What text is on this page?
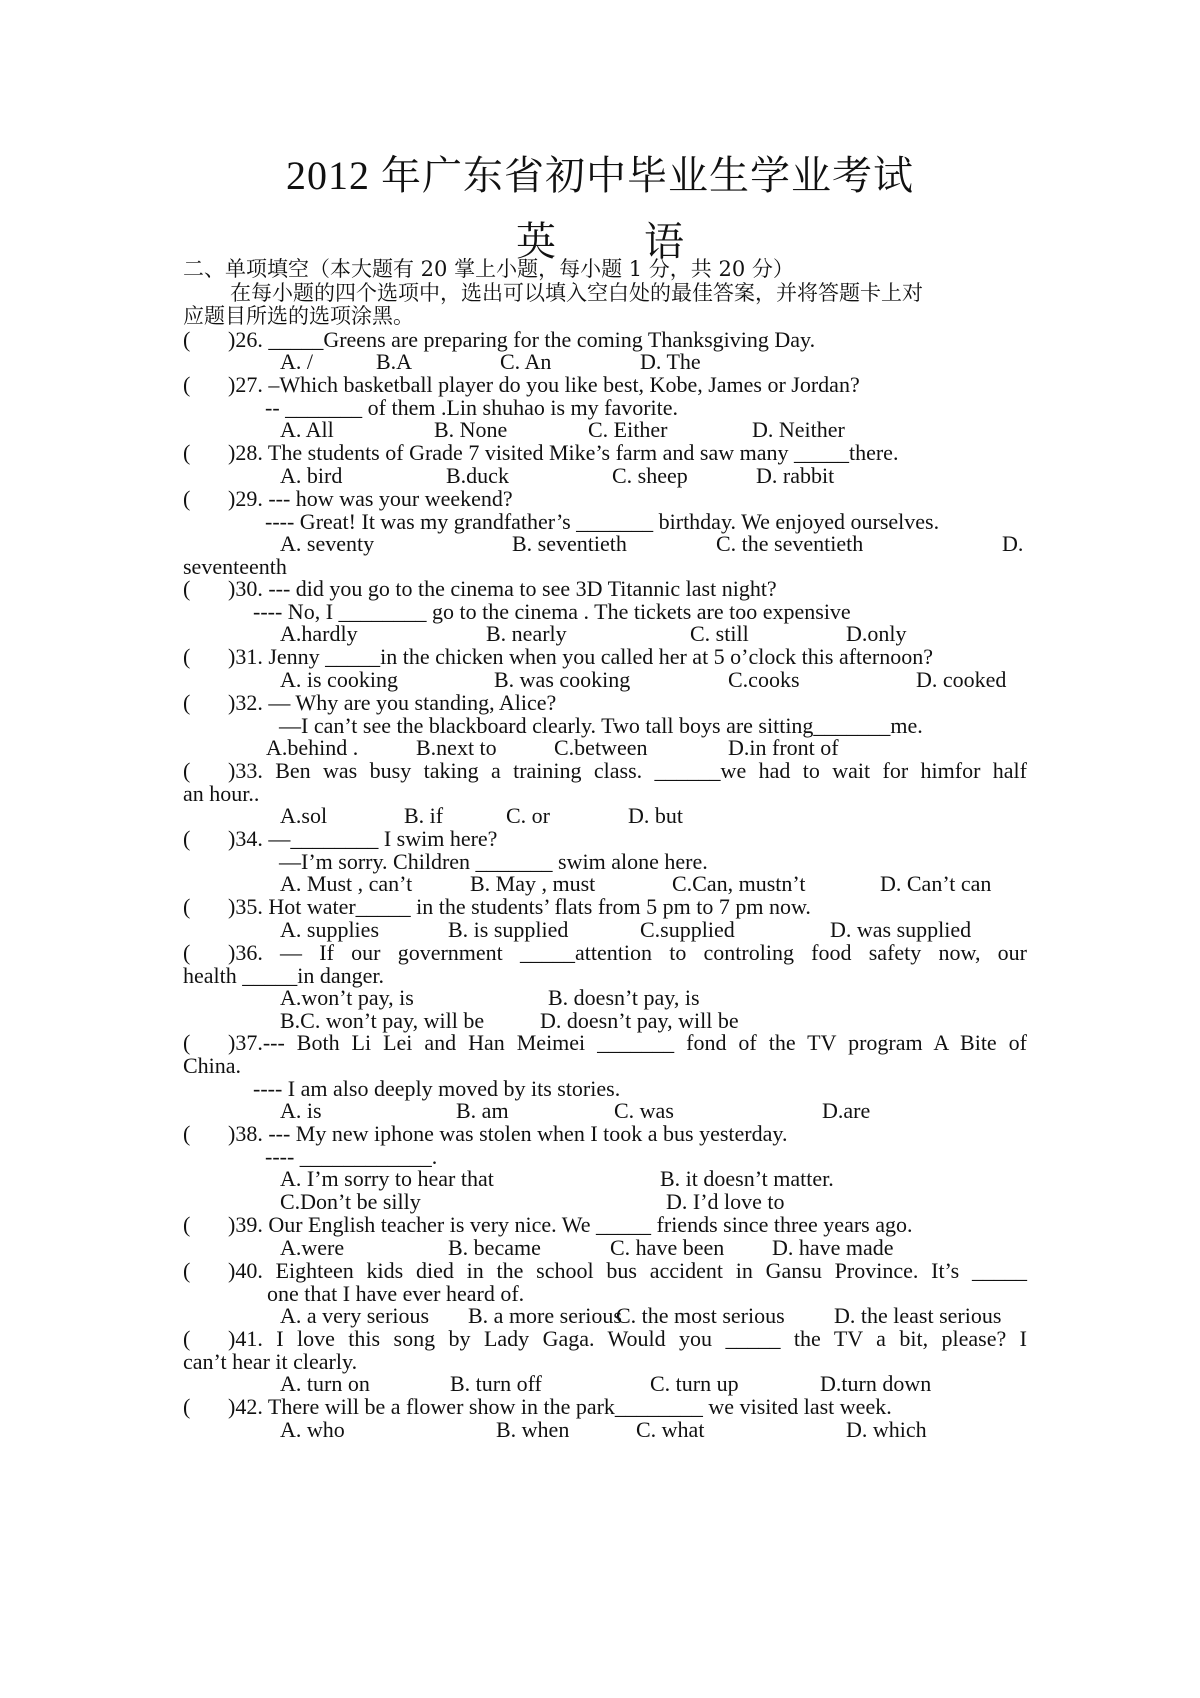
2012 年广东省初中毕业生学业考试
英 语
二、单项填空（本大题有 20 掌上小题，每小题 1 分，共 20 分）
在每小题的四个选项中，选出可以填入空白处的最佳答案，并将答题卡上对
应题目所选的选项涂黑。
( )26. _____Greens are preparing for the coming Thanksgiving Day.
A. /	B.A	C. An	D. The
( )27. –Which basketball player do you like best, Kobe, James or Jordan?
-- _______ of them .Lin shuhao is my favorite.
A. All	B. None	C. Either	D. Neither
( )28. The students of Grade 7 visited Mike’s farm and saw many _____there.
A. bird	B.duck	C. sheep	D. rabbit
( )29. --- how was your weekend?
---- Great! It was my grandfather’s _______ birthday. We enjoyed ourselves.
A. seventy	B. seventieth	C. the seventieth	D.
seventeenth
( )30. --- did you go to the cinema to see 3D Titannic last night?
---- No, I ________ go to the cinema . The tickets are too expensive
A.hardly	B. nearly	C. still	D.only
( )31. Jenny _____in the chicken when you called her at 5 o’clock this afternoon?
A. is cooking	B. was cooking	C.cooks	D. cooked
( )32. — Why are you standing, Alice?
—I can’t see the blackboard clearly. Two tall boys are sitting_______me.
A.behind .	B.next to	C.between	D.in front of
( )33. Ben was busy taking a training class. ______we had to wait for himfor half
an hour..
A.sol	B. if	C. or	D. but
( )34. —________ I swim here?
—I’m sorry. Children _______ swim alone here.
A. Must , can’t	B. May , must	C.Can, mustn’t	D. Can’t can
( )35. Hot water_____ in the students’ flats from 5 pm to 7 pm now.
A. supplies	B. is supplied	C.supplied	D. was supplied
( )36. — If our government _____attention to controling food safety now, our
health _____in danger.
A.won’t pay, is	B. doesn’t pay, is
B.C. won’t pay, will be	D. doesn’t pay, will be
( )37.--- Both Li Lei and Han Meimei _______ fond of the TV program A Bite of
China.
---- I am also deeply moved by its stories.
A. is	B. am	C. was	D.are
( )38. --- My new iphone was stolen when I took a bus yesterday.
---- ____________.
A. I’m sorry to hear that	B. it doesn’t matter.
C.Don’t be silly	D. I’d love to
( )39. Our English teacher is very nice. We _____ friends since three years ago.
A.were	B. became	C. have been D. have made
( )40. Eighteen kids died in the school bus accident in Gansu Province. It’s _____
one that I have ever heard of.
A. a very serious B. a more serious
C. the most serious D. the least serious
( )41. I love this song by Lady Gaga. Would you _____ the TV a bit, please? I
can’t hear it clearly.
A. turn on	B. turn off	C. turn up	D.turn down
( )42. There will be a flower show in the park________ we visited last week.
A. who	B. when	C. what	D. which
